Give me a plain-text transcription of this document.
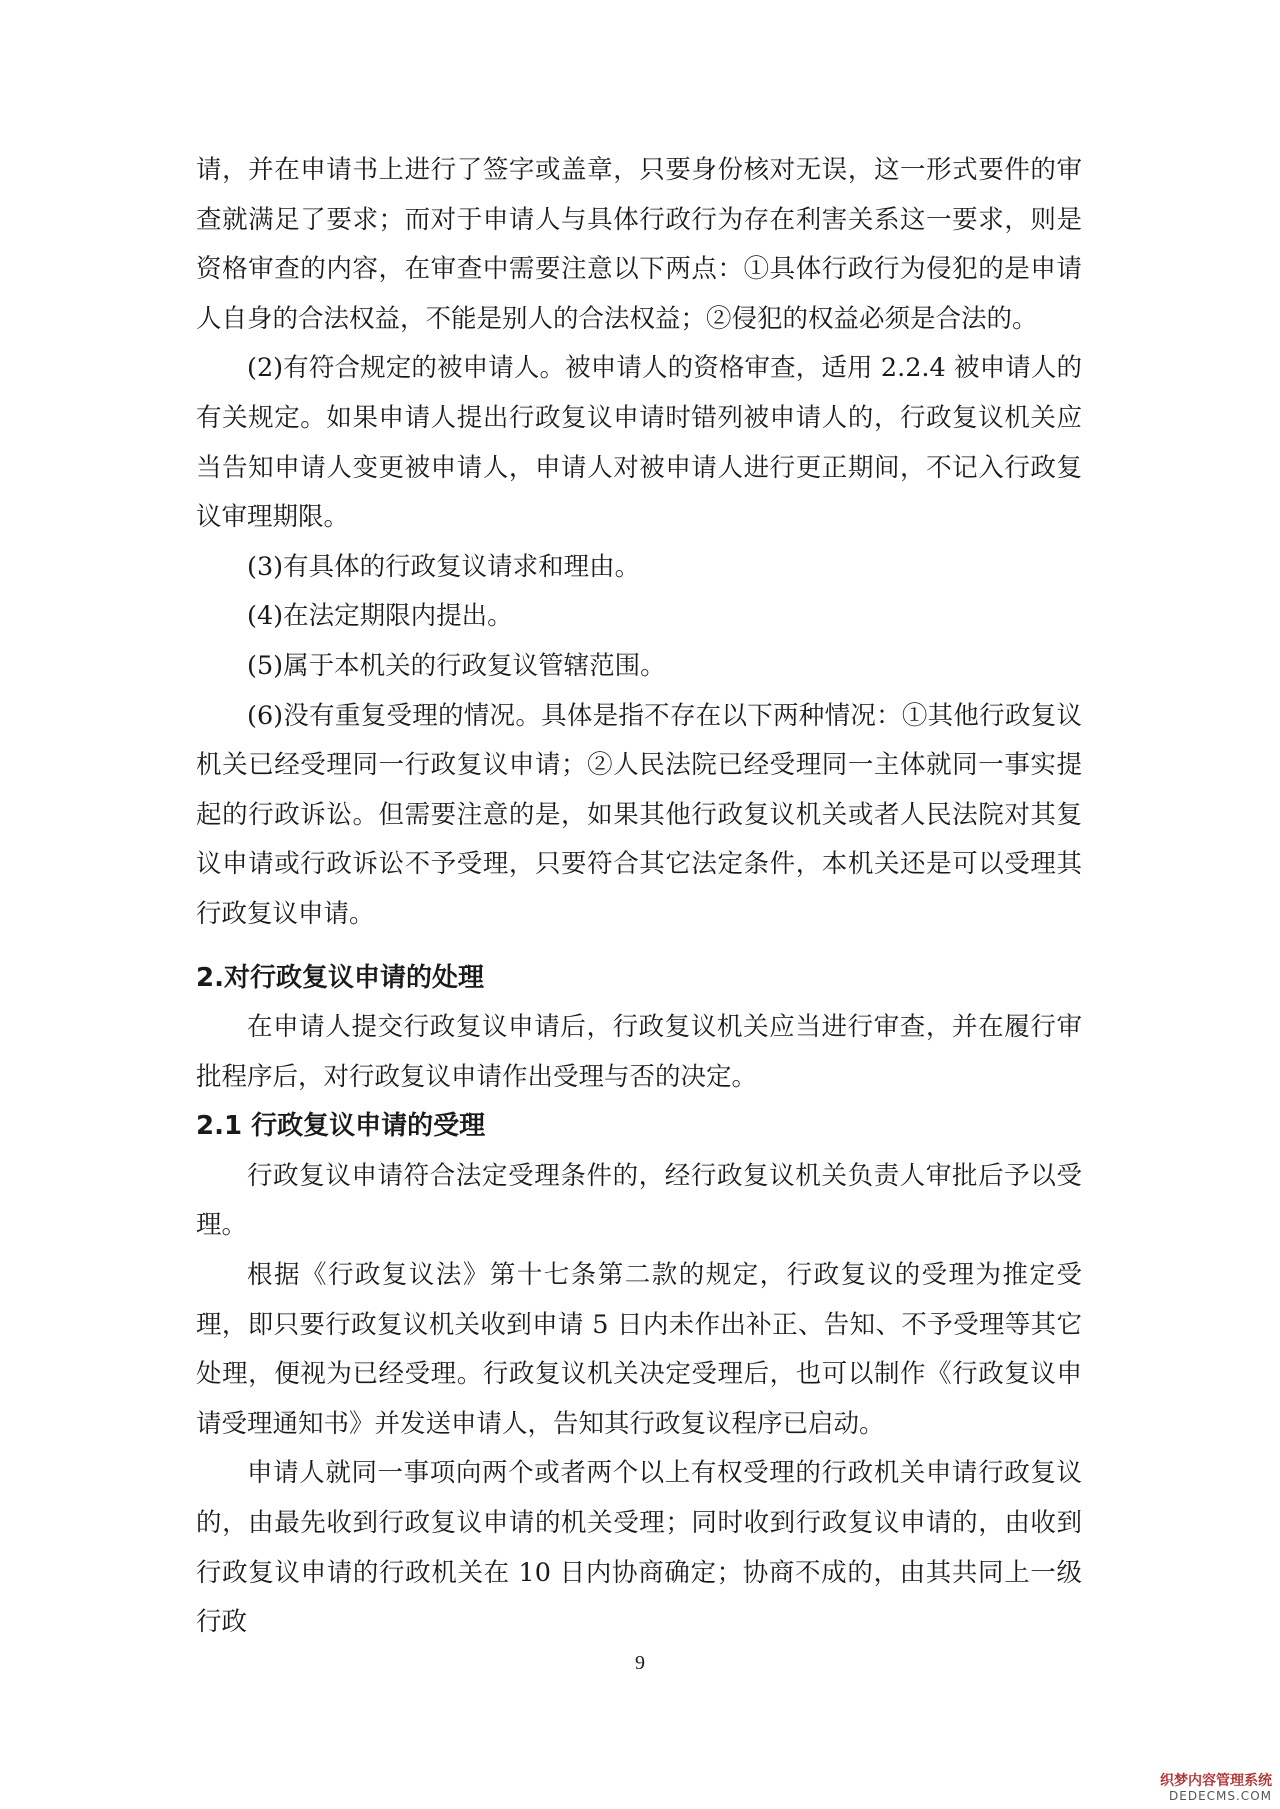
请，并在申请书上进行了签字或盖章，只要身份核对无误，这一形式要件的审查就满足了要求；而对于申请人与具体行政行为存在利害关系这一要求，则是资格审查的内容，在审查中需要注意以下两点：①具体行政行为侵犯的是申请人自身的合法权益，不能是别人的合法权益；②侵犯的权益必须是合法的。

(2)有符合规定的被申请人。被申请人的资格审查，适用 2.2.4 被申请人的有关规定。如果申请人提出行政复议申请时错列被申请人的，行政复议机关应当告知申请人变更被申请人，申请人对被申请人进行更正期间，不记入行政复议审理期限。

(3)有具体的行政复议请求和理由。

(4)在法定期限内提出。

(5)属于本机关的行政复议管辖范围。

(6)没有重复受理的情况。具体是指不存在以下两种情况：①其他行政复议机关已经受理同一行政复议申请；②人民法院已经受理同一主体就同一事实提起的行政诉讼。但需要注意的是，如果其他行政复议机关或者人民法院对其复议申请或行政诉讼不予受理，只要符合其它法定条件，本机关还是可以受理其行政复议申请。

2.对行政复议申请的处理

在申请人提交行政复议申请后，行政复议机关应当进行审查，并在履行审批程序后，对行政复议申请作出受理与否的决定。

2.1 行政复议申请的受理

行政复议申请符合法定受理条件的，经行政复议机关负责人审批后予以受理。

根据《行政复议法》第十七条第二款的规定，行政复议的受理为推定受理，即只要行政复议机关收到申请 5 日内未作出补正、告知、不予受理等其它处理，便视为已经受理。行政复议机关决定受理后，也可以制作《行政复议申请受理通知书》并发送申请人，告知其行政复议程序已启动。

申请人就同一事项向两个或者两个以上有权受理的行政机关申请行政复议的，由最先收到行政复议申请的机关受理；同时收到行政复议申请的，由收到行政复议申请的行政机关在 10 日内协商确定；协商不成的，由其共同上一级行政

9
织梦内容管理系统
DEDECMS.COM
